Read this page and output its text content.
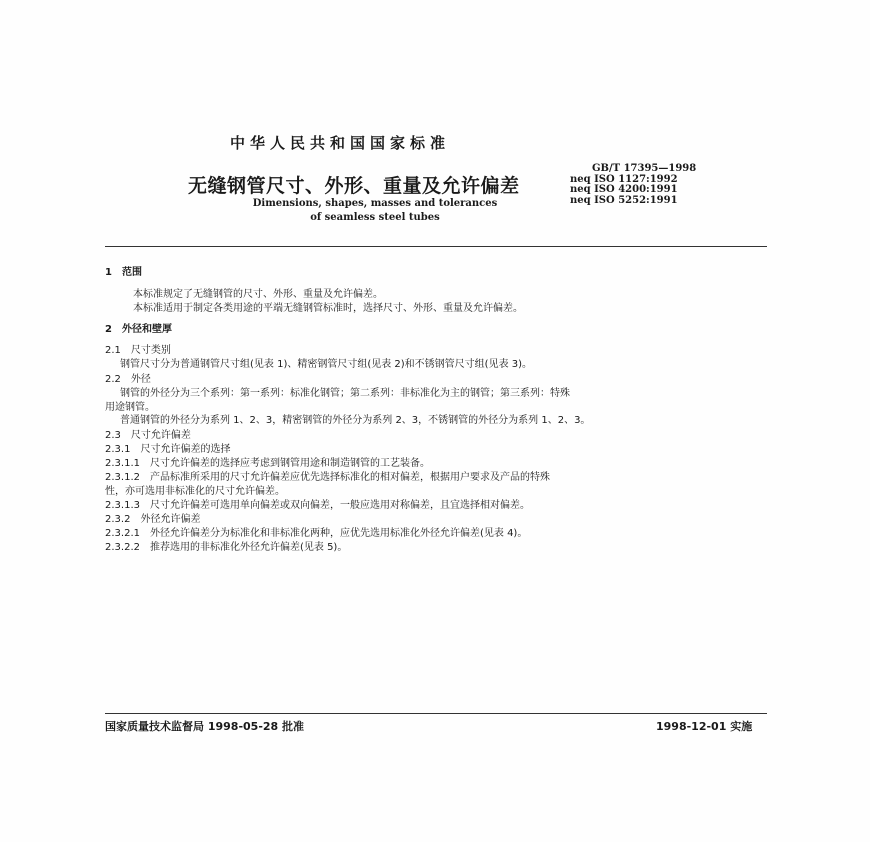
中华人民共和国国家标准
无缝钢管尺寸、外形、重量及允许偏差
Dimensions, shapes, masses and tolerances
of seamless steel tubes
GB/T 17395—1998
neq ISO 1127:1992
neq ISO 4200:1991
neq ISO 5252:1991
1　范围
本标准规定了无缝钢管的尺寸、外形、重量及允许偏差。
本标准适用于制定各类用途的平端无缝钢管标准时，选择尺寸、外形、重量及允许偏差。
2　外径和壁厚
2.1　尺寸类别
钢管尺寸分为普通钢管尺寸组(见表 1)、精密钢管尺寸组(见表 2)和不锈钢管尺寸组(见表 3)。
2.2　外径
钢管的外径分为三个系列：第一系列：标准化钢管；第二系列：非标准化为主的钢管；第三系列：特殊
用途钢管。
普通钢管的外径分为系列 1、2、3，精密钢管的外径分为系列 2、3，不锈钢管的外径分为系列 1、2、3。
2.3　尺寸允许偏差
2.3.1　尺寸允许偏差的选择
2.3.1.1　尺寸允许偏差的选择应考虑到钢管用途和制造钢管的工艺装备。
2.3.1.2　产品标准所采用的尺寸允许偏差应优先选择标准化的相对偏差，根据用户要求及产品的特殊
性，亦可选用非标准化的尺寸允许偏差。
2.3.1.3　尺寸允许偏差可选用单向偏差或双向偏差，一般应选用对称偏差，且宜选择相对偏差。
2.3.2　外径允许偏差
2.3.2.1　外径允许偏差分为标准化和非标准化两种，应优先选用标准化外径允许偏差(见表 4)。
2.3.2.2　推荐选用的非标准化外径允许偏差(见表 5)。
国家质量技术监督局 1998-05-28 批准	1998-12-01 实施
